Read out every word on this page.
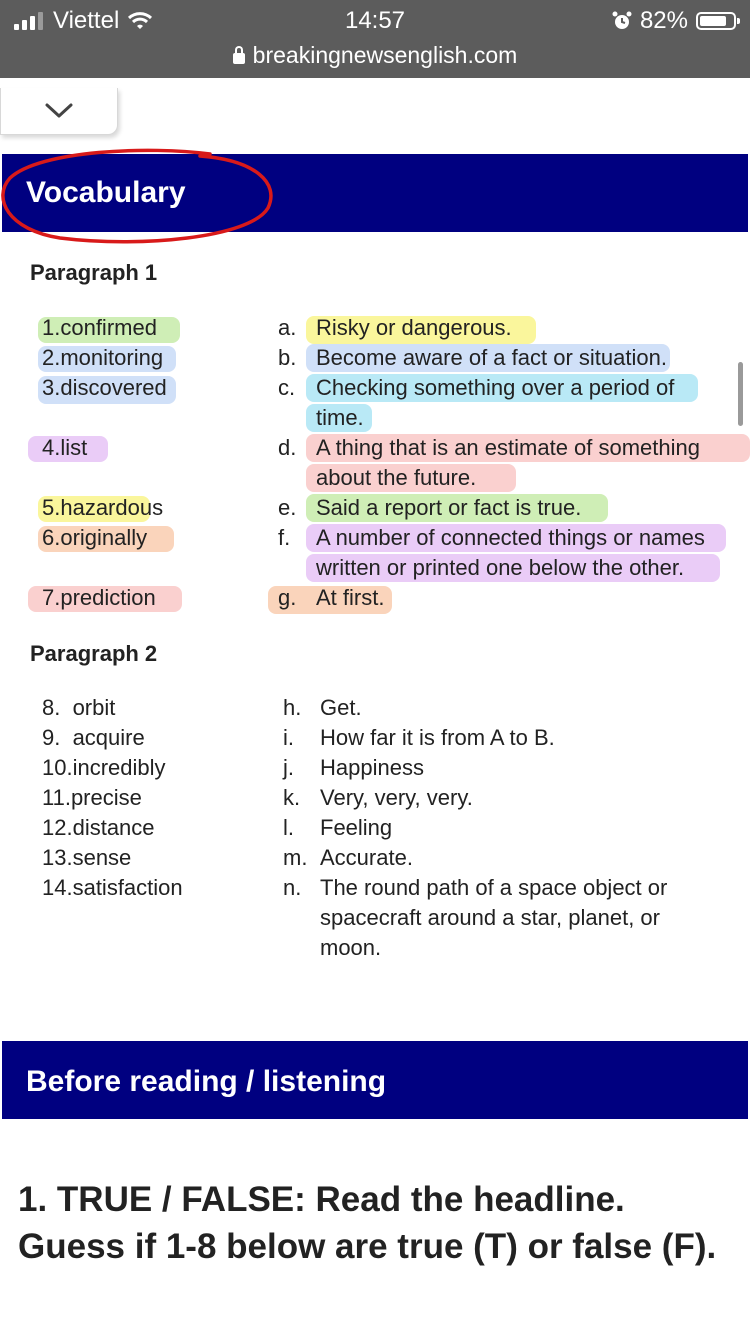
Viettel	14:57	82%
breakingnewsenglish.com
Vocabulary
Paragraph 1
1.confirmed
2.monitoring
3.discovered
4.list
5.hazardous
6.originally
7.prediction
a. Risky or dangerous.
b. Become aware of a fact or situation.
c. Checking something over a period of
time.
d. A thing that is an estimate of something
about the future.
e. Said a report or fact is true.
f. A number of connected things or names
written or printed one below the other.
g. At first.
Paragraph 2
8.  orbit
9.  acquire
10.incredibly
11.precise
12.distance
13.sense
14.satisfaction
h. Get.
i. How far it is from A to B.
j. Happiness
k. Very, very, very.
l. Feeling
m. Accurate.
n. The round path of a space object or
spacecraft around a star, planet, or
moon.
Before reading / listening
1. TRUE / FALSE: Read the headline. Guess if 1-8 below are true (T) or false (F).
